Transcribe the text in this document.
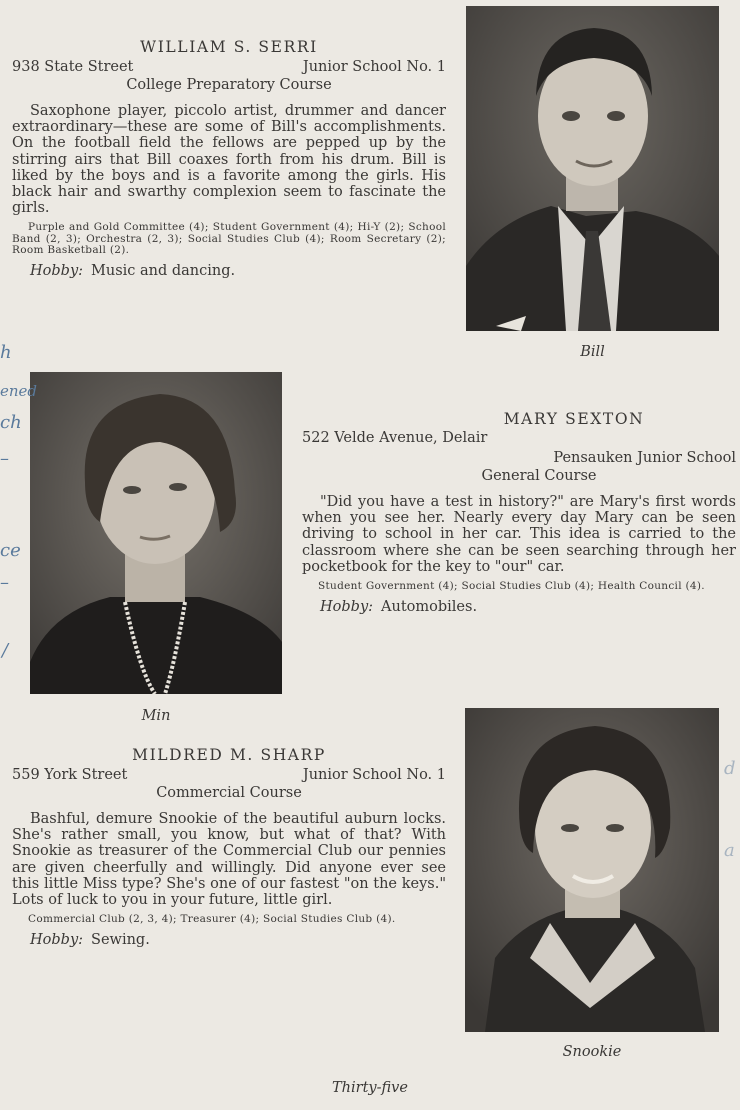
WILLIAM S. SERRI
938 State Street	Junior School No. 1
College Preparatory Course
Saxophone player, piccolo artist, drummer and dancer extraordinary—these are some of Bill's accomplishments. On the football field the fellows are pepped up by the stirring airs that Bill coaxes forth from his drum. Bill is liked by the boys and is a favorite among the girls. His black hair and swarthy complexion seem to fascinate the girls.
Purple and Gold Committee (4); Student Government (4); Hi-Y (2); School Band (2, 3); Orchestra (2, 3); Social Studies Club (4); Room Secretary (2); Room Basketball (2).
Hobby: Music and dancing.
Bill
Min
MARY SEXTON
522 Velde Avenue, Delair
Pensauken Junior School
General Course
"Did you have a test in history?" are Mary's first words when you see her. Nearly every day Mary can be seen driving to school in her car. This idea is carried to the classroom where she can be seen searching through her pocketbook for the key to "our" car.
Student Government (4); Social Studies Club (4); Health Council (4).
Hobby: Automobiles.
MILDRED M. SHARP
559 York Street	Junior School No. 1
Commercial Course
Bashful, demure Snookie of the beautiful auburn locks. She's rather small, you know, but what of that? With Snookie as treasurer of the Commercial Club our pennies are given cheerfully and willingly. Did anyone ever see this little Miss type? She's one of our fastest "on the keys." Lots of luck to you in your future, little girl.
Commercial Club (2, 3, 4); Treasurer (4); Social Studies Club (4).
Hobby: Sewing.
Snookie
h
ened
ch
–
ce
–
/
d
a
Thirty-five
